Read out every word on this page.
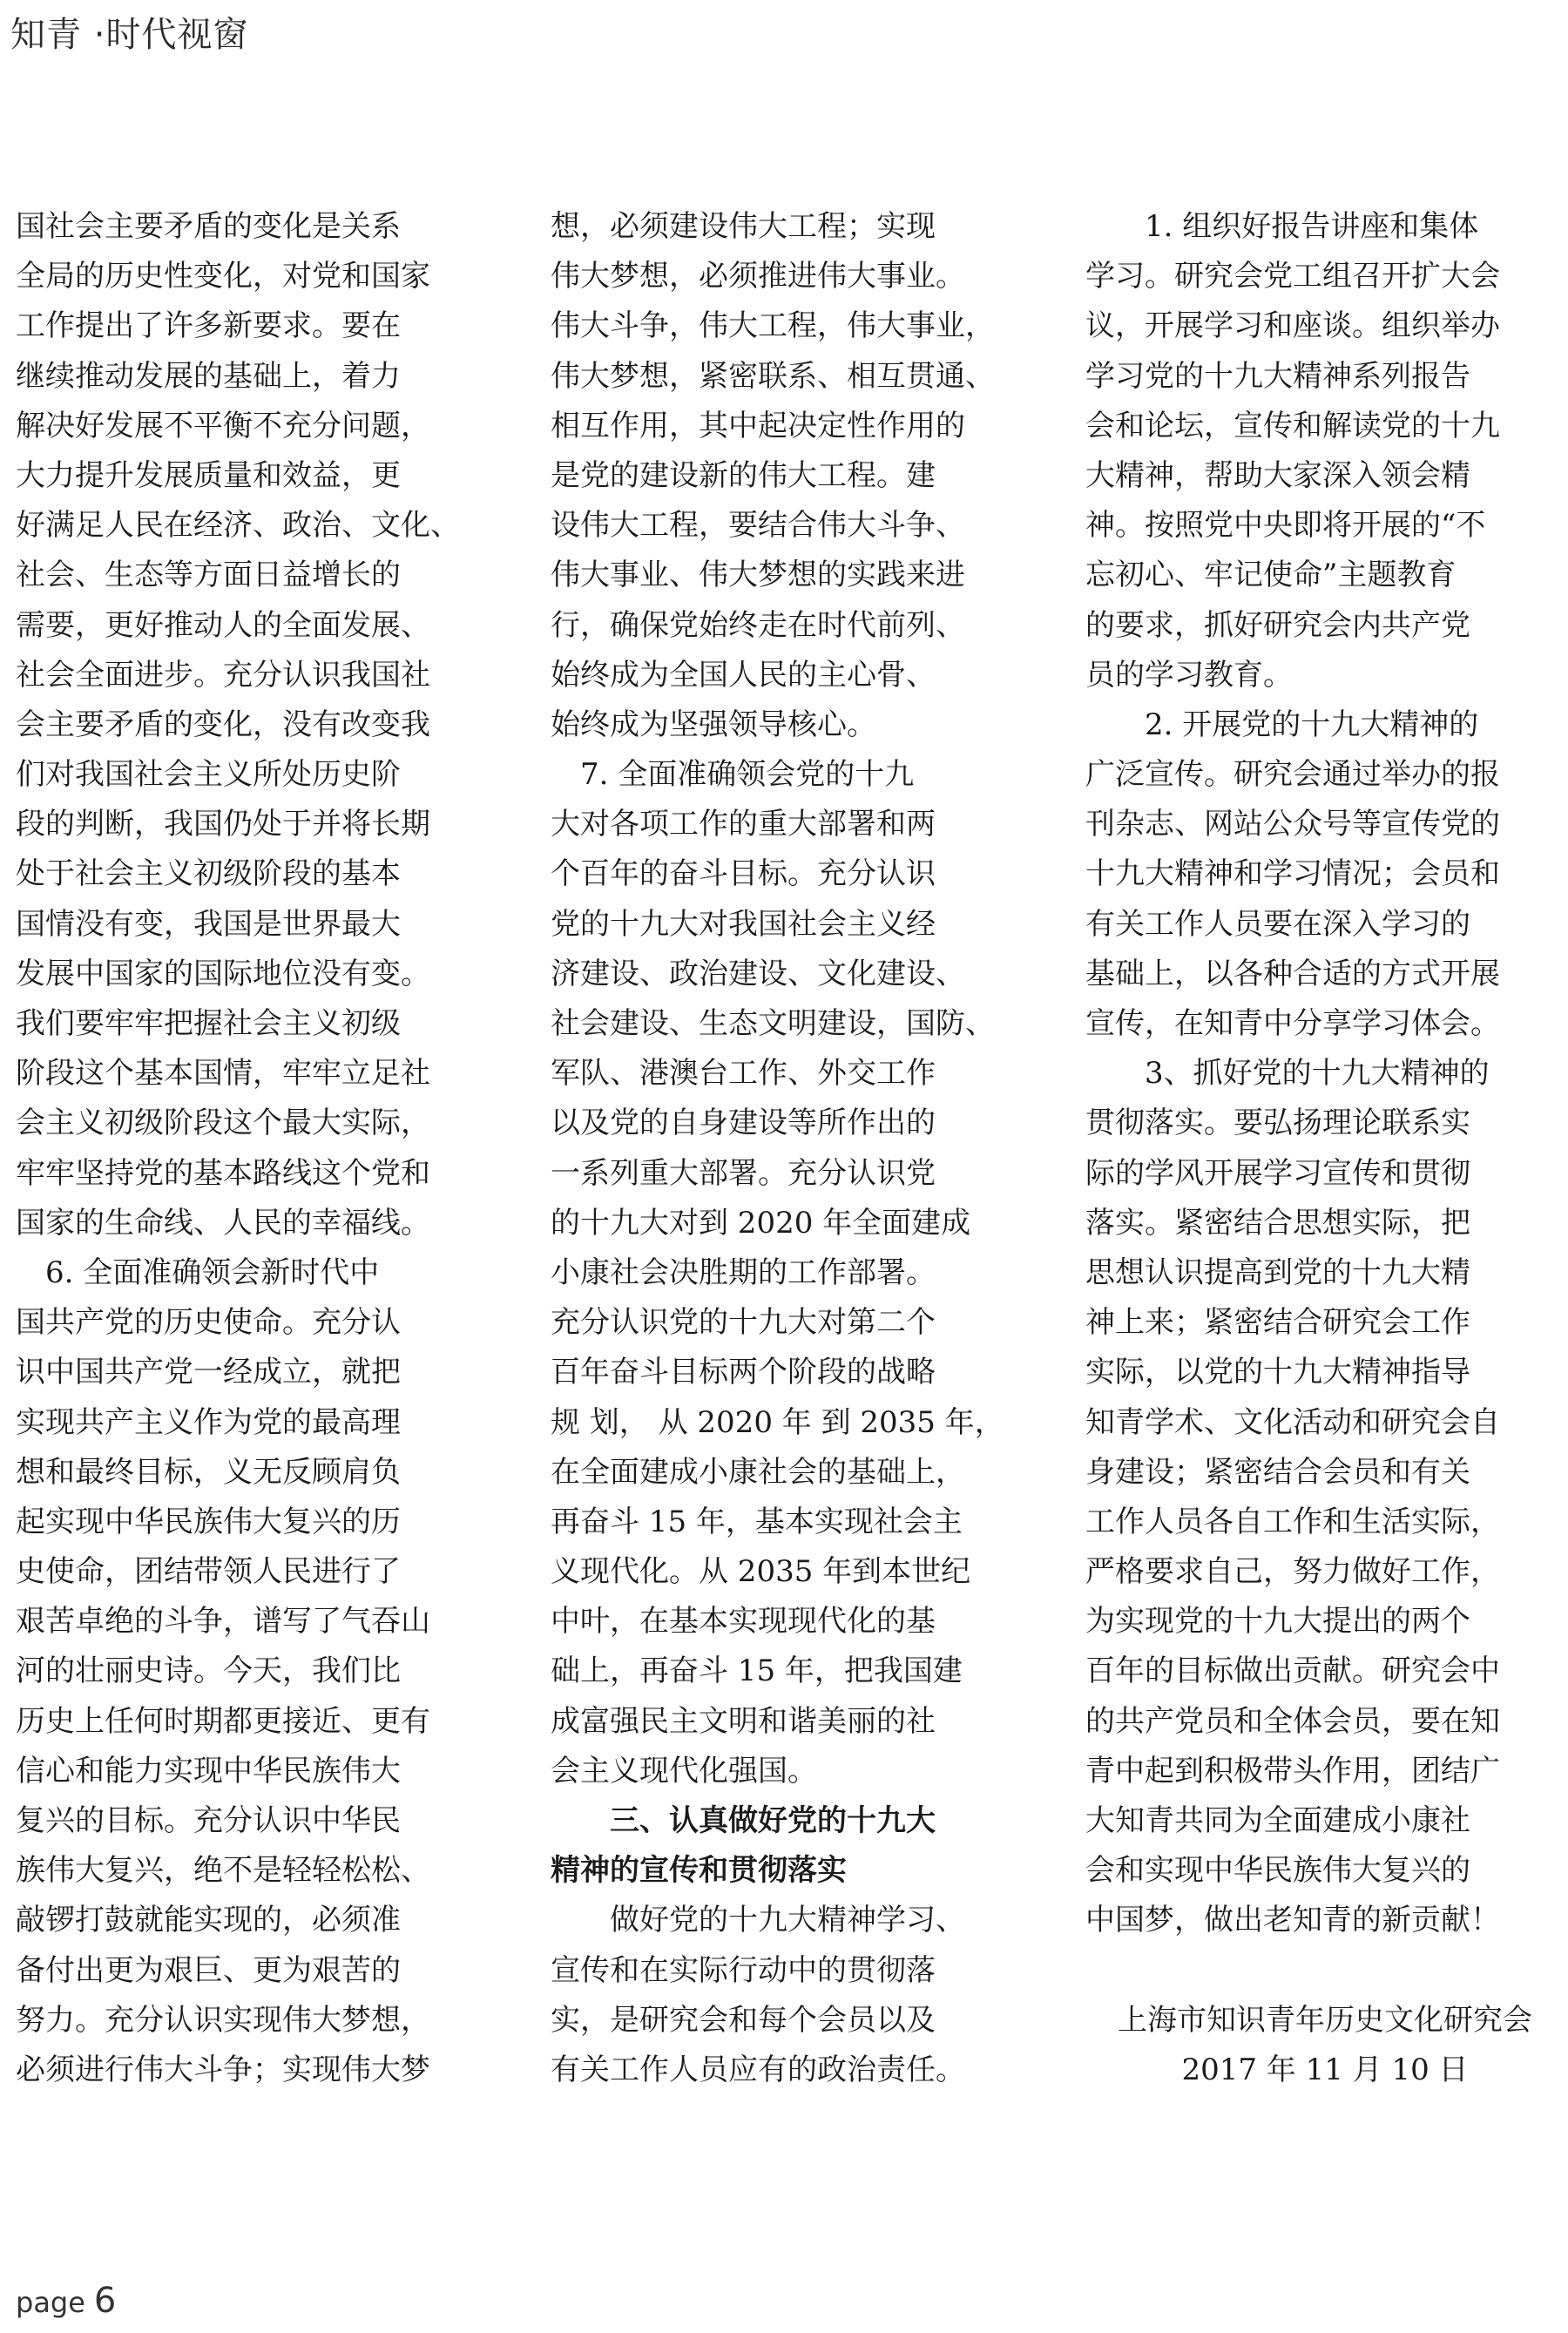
知青 ·时代视窗
国社会主要矛盾的变化是关系
全局的历史性变化，对党和国家
工作提出了许多新要求。要在
继续推动发展的基础上，着力
解决好发展不平衡不充分问题，
大力提升发展质量和效益，更
好满足人民在经济、政治、文化、
社会、生态等方面日益增长的
需要，更好推动人的全面发展、
社会全面进步。充分认识我国社
会主要矛盾的变化，没有改变我
们对我国社会主义所处历史阶
段的判断，我国仍处于并将长期
处于社会主义初级阶段的基本
国情没有变，我国是世界最大
发展中国家的国际地位没有变。
我们要牢牢把握社会主义初级
阶段这个基本国情，牢牢立足社
会主义初级阶段这个最大实际，
牢牢坚持党的基本路线这个党和
国家的生命线、人民的幸福线。
　6. 全面准确领会新时代中
国共产党的历史使命。充分认
识中国共产党一经成立，就把
实现共产主义作为党的最高理
想和最终目标，义无反顾肩负
起实现中华民族伟大复兴的历
史使命，团结带领人民进行了
艰苦卓绝的斗争，谱写了气吞山
河的壮丽史诗。今天，我们比
历史上任何时期都更接近、更有
信心和能力实现中华民族伟大
复兴的目标。充分认识中华民
族伟大复兴，绝不是轻轻松松、
敲锣打鼓就能实现的，必须准
备付出更为艰巨、更为艰苦的
努力。充分认识实现伟大梦想，
必须进行伟大斗争；实现伟大梦
想，必须建设伟大工程；实现
伟大梦想，必须推进伟大事业。
伟大斗争，伟大工程，伟大事业，
伟大梦想，紧密联系、相互贯通、
相互作用，其中起决定性作用的
是党的建设新的伟大工程。建
设伟大工程，要结合伟大斗争、
伟大事业、伟大梦想的实践来进
行，确保党始终走在时代前列、
始终成为全国人民的主心骨、
始终成为坚强领导核心。
　7. 全面准确领会党的十九
大对各项工作的重大部署和两
个百年的奋斗目标。充分认识
党的十九大对我国社会主义经
济建设、政治建设、文化建设、
社会建设、生态文明建设，国防、
军队、港澳台工作、外交工作
以及党的自身建设等所作出的
一系列重大部署。充分认识党
的十九大对到 2020 年全面建成
小康社会决胜期的工作部署。
充分认识党的十九大对第二个
百年奋斗目标两个阶段的战略
规 划， 从 2020 年 到 2035 年，
在全面建成小康社会的基础上，
再奋斗 15 年，基本实现社会主
义现代化。从 2035 年到本世纪
中叶，在基本实现现代化的基
础上，再奋斗 15 年，把我国建
成富强民主文明和谐美丽的社
会主义现代化强国。
　　三、认真做好党的十九大
精神的宣传和贯彻落实
　　做好党的十九大精神学习、
宣传和在实际行动中的贯彻落
实，是研究会和每个会员以及
有关工作人员应有的政治责任。
　　1. 组织好报告讲座和集体
学习。研究会党工组召开扩大会
议，开展学习和座谈。组织举办
学习党的十九大精神系列报告
会和论坛，宣传和解读党的十九
大精神，帮助大家深入领会精
神。按照党中央即将开展的“不
忘初心、牢记使命”主题教育
的要求，抓好研究会内共产党
员的学习教育。
　　2. 开展党的十九大精神的
广泛宣传。研究会通过举办的报
刊杂志、网站公众号等宣传党的
十九大精神和学习情况；会员和
有关工作人员要在深入学习的
基础上，以各种合适的方式开展
宣传，在知青中分享学习体会。
　　3、抓好党的十九大精神的
贯彻落实。要弘扬理论联系实
际的学风开展学习宣传和贯彻
落实。紧密结合思想实际，把
思想认识提高到党的十九大精
神上来；紧密结合研究会工作
实际，以党的十九大精神指导
知青学术、文化活动和研究会自
身建设；紧密结合会员和有关
工作人员各自工作和生活实际，
严格要求自己，努力做好工作，
为实现党的十九大提出的两个
百年的目标做出贡献。研究会中
的共产党员和全体会员，要在知
青中起到积极带头作用，团结广
大知青共同为全面建成小康社
会和实现中华民族伟大复兴的
中国梦，做出老知青的新贡献！
上海市知识青年历史文化研究会
2017 年 11 月 10 日
page 6
